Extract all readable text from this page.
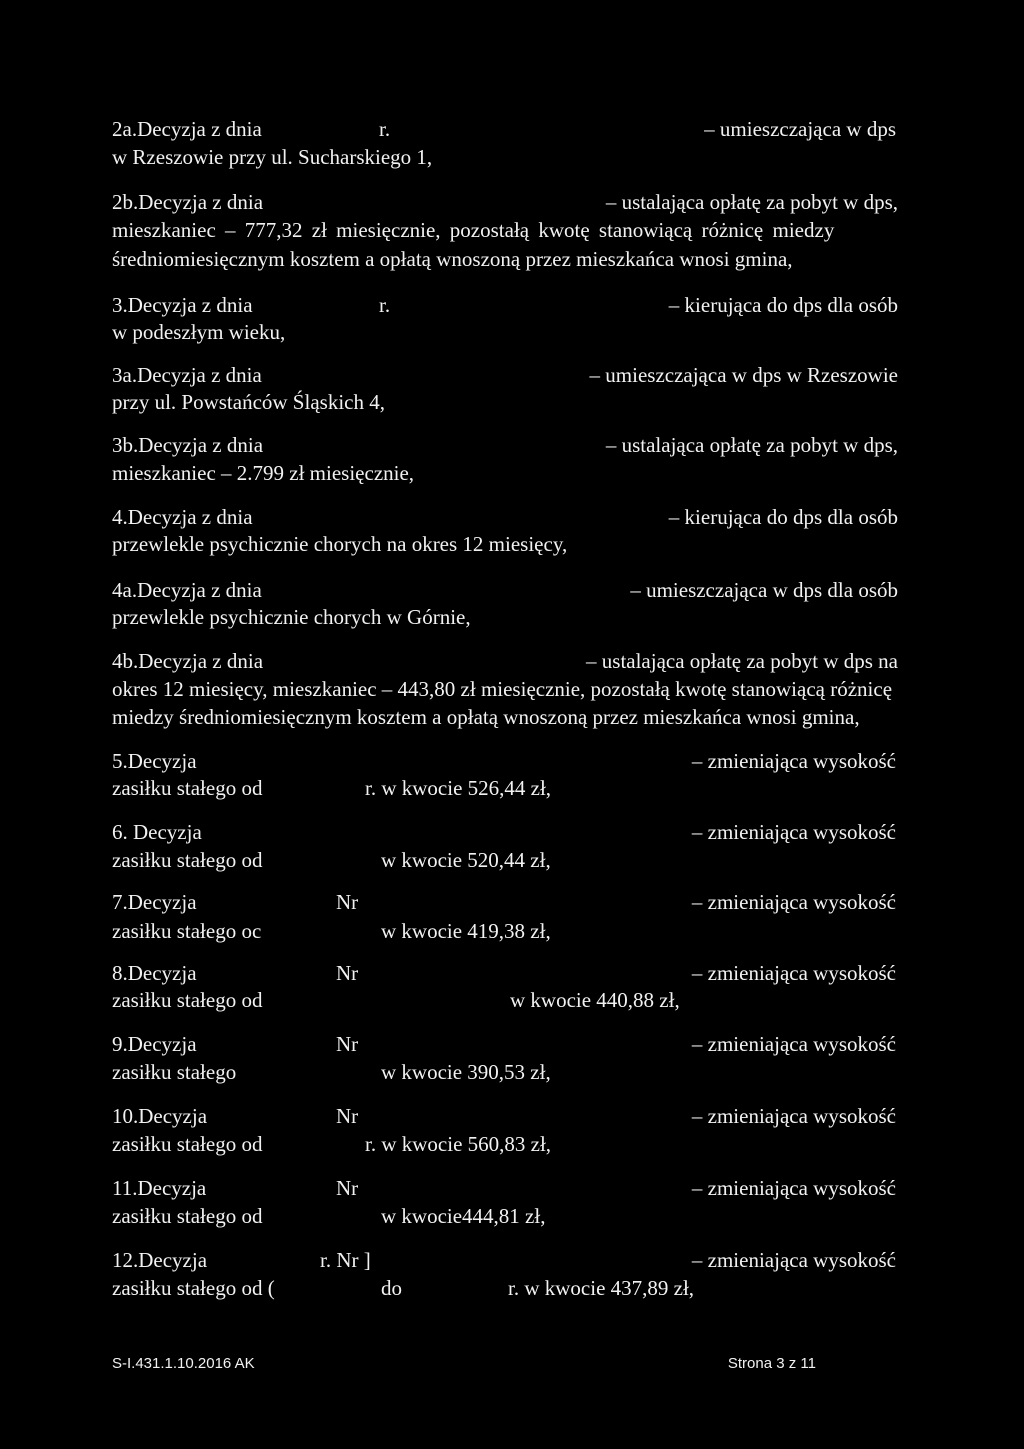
2a.Decyzja z dnia	r.	– umieszczająca w dps
w Rzeszowie przy ul. Sucharskiego 1,
2b.Decyzja z dnia	– ustalająca opłatę za pobyt w dps,
mieszkaniec – 777,32 zł miesięcznie, pozostałą kwotę stanowiącą różnicę miedzy
średniomiesięcznym kosztem a opłatą wnoszoną przez mieszkańca wnosi gmina,
3.Decyzja z dnia	r.	– kierująca do dps dla osób
w podeszłym wieku,
3a.Decyzja z dnia	– umieszczająca w dps w Rzeszowie
przy ul. Powstańców Śląskich 4,
3b.Decyzja z dnia	– ustalająca opłatę za pobyt w dps,
mieszkaniec – 2.799 zł miesięcznie,
4.Decyzja z dnia	– kierująca do dps dla osób
przewlekle psychicznie chorych na okres 12 miesięcy,
4a.Decyzja z dnia	– umieszczająca w dps dla osób
przewlekle psychicznie chorych w Górnie,
4b.Decyzja z dnia	– ustalająca opłatę za pobyt w dps na
okres 12 miesięcy, mieszkaniec – 443,80 zł miesięcznie, pozostałą kwotę stanowiącą różnicę
miedzy średniomiesięcznym kosztem a opłatą wnoszoną przez mieszkańca wnosi gmina,
5.Decyzja	– zmieniająca wysokość
zasiłku stałego od	r. w kwocie 526,44 zł,
6. Decyzja	– zmieniająca wysokość
zasiłku stałego od	w kwocie 520,44 zł,
7.Decyzja	Nr	– zmieniająca wysokość
zasiłku stałego oc	w kwocie 419,38 zł,
8.Decyzja	Nr	– zmieniająca wysokość
zasiłku stałego od	w kwocie 440,88 zł,
9.Decyzja	Nr	– zmieniająca wysokość
zasiłku stałego	w kwocie 390,53 zł,
10.Decyzja	Nr	– zmieniająca wysokość
zasiłku stałego od	r. w kwocie 560,83 zł,
11.Decyzja	Nr	– zmieniająca wysokość
zasiłku stałego od	w kwocie444,81 zł,
12.Decyzja	r. Nr ]	– zmieniająca wysokość
zasiłku stałego od (	do	r. w kwocie 437,89 zł,
S-I.431.1.10.2016 AK	Strona 3 z 11
